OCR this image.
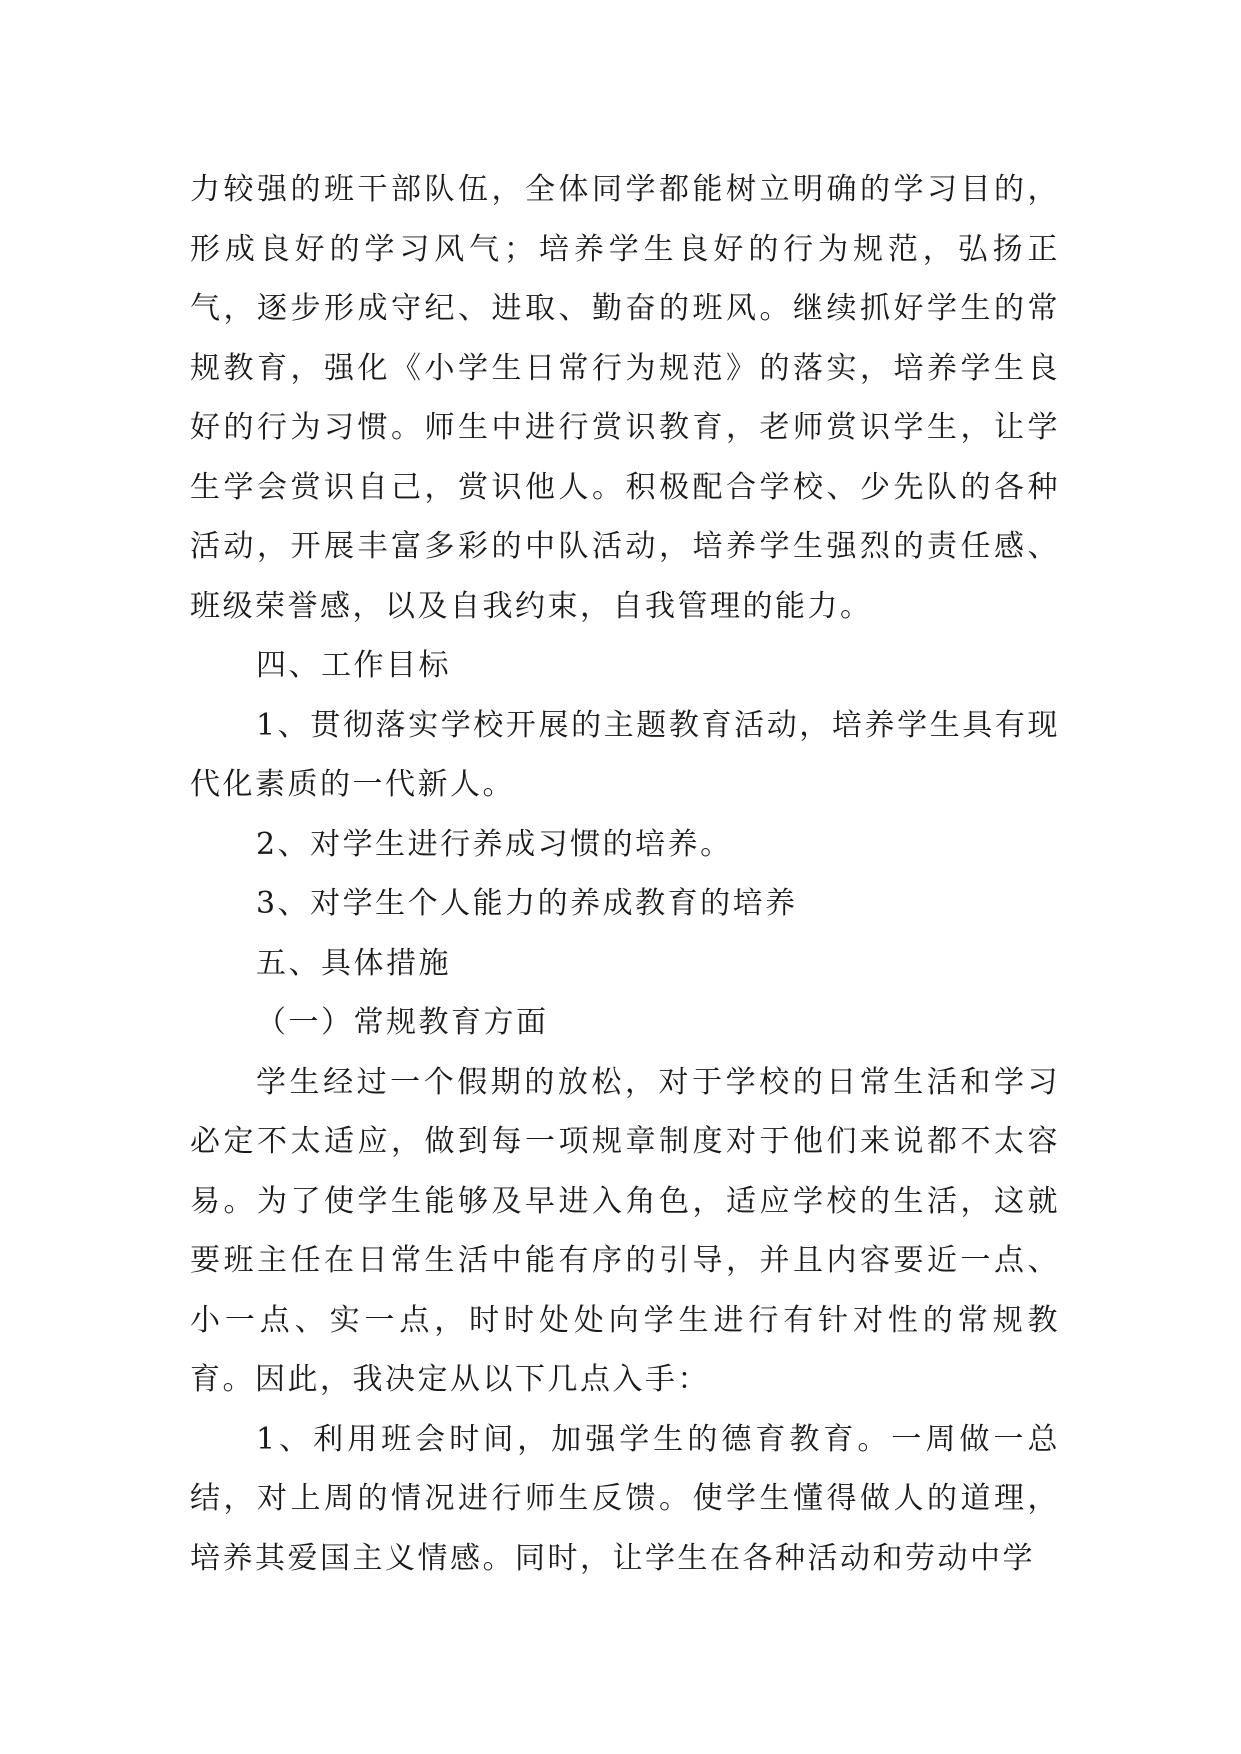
力较强的班干部队伍，全体同学都能树立明确的学习目的，形成良好的学习风气；培养学生良好的行为规范，弘扬正气，逐步形成守纪、进取、勤奋的班风。继续抓好学生的常规教育，强化《小学生日常行为规范》的落实，培养学生良好的行为习惯。师生中进行赏识教育，老师赏识学生，让学生学会赏识自己，赏识他人。积极配合学校、少先队的各种活动，开展丰富多彩的中队活动，培养学生强烈的责任感、班级荣誉感，以及自我约束，自我管理的能力。

四、工作目标

1、贯彻落实学校开展的主题教育活动，培养学生具有现代化素质的一代新人。

2、对学生进行养成习惯的培养。

3、对学生个人能力的养成教育的培养

五、具体措施

（一）常规教育方面

学生经过一个假期的放松，对于学校的日常生活和学习必定不太适应，做到每一项规章制度对于他们来说都不太容易。为了使学生能够及早进入角色，适应学校的生活，这就要班主任在日常生活中能有序的引导，并且内容要近一点、小一点、实一点，时时处处向学生进行有针对性的常规教育。因此，我决定从以下几点入手：

1、利用班会时间，加强学生的德育教育。一周做一总结，对上周的情况进行师生反馈。使学生懂得做人的道理，培养其爱国主义情感。同时，让学生在各种活动和劳动中学
